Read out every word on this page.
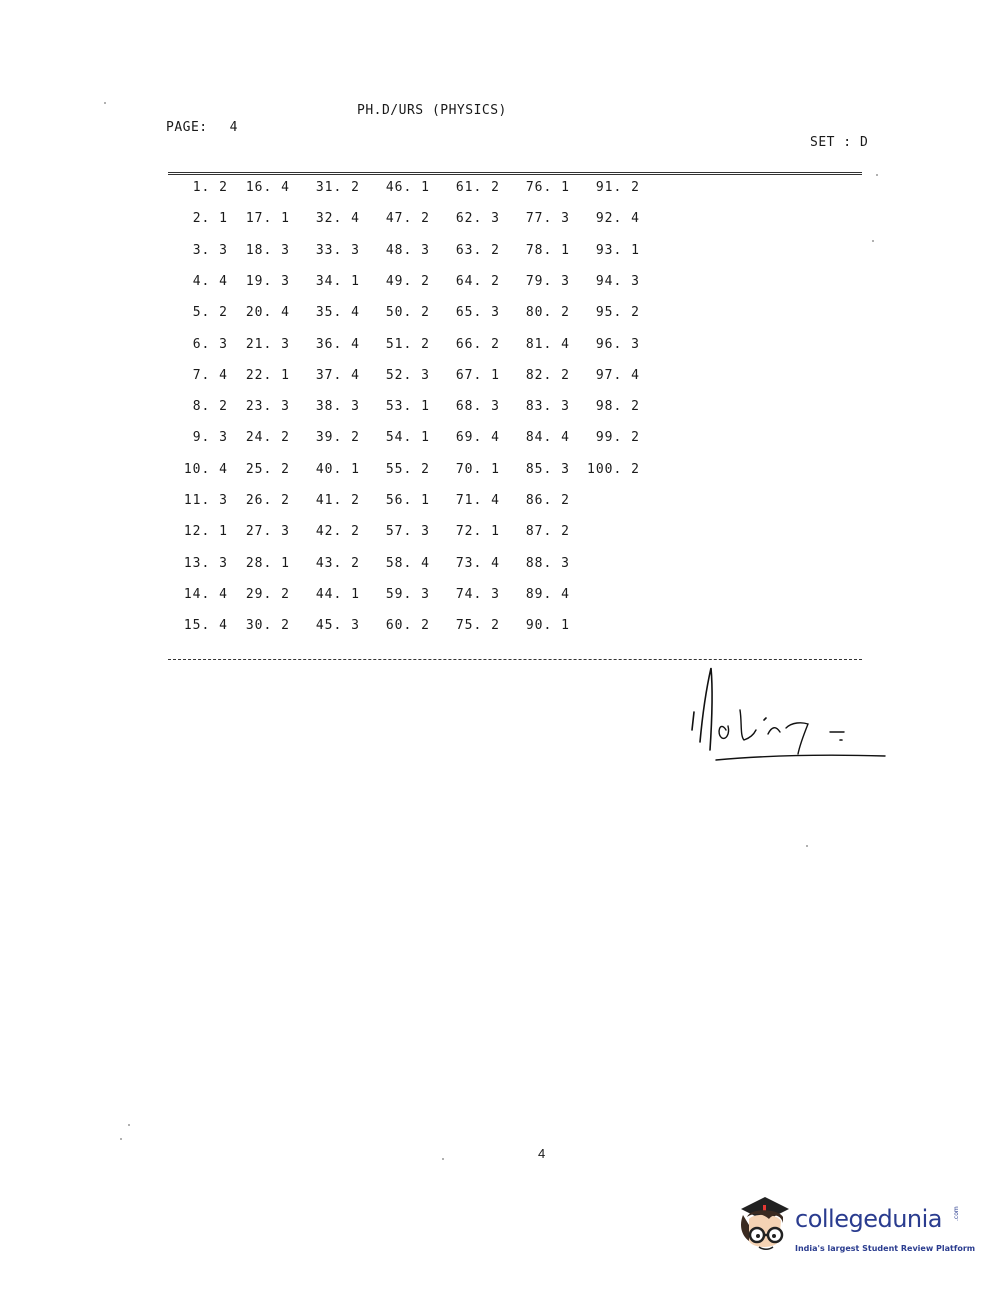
PH.D/URS (PHYSICS)
PAGE: 4
SET : D
1. 2	16. 4	31. 2	46. 1	61. 2	76. 1	91. 2
2. 1	17. 1	32. 4	47. 2	62. 3	77. 3	92. 4
3. 3	18. 3	33. 3	48. 3	63. 2	78. 1	93. 1
4. 4	19. 3	34. 1	49. 2	64. 2	79. 3	94. 3
5. 2	20. 4	35. 4	50. 2	65. 3	80. 2	95. 2
6. 3	21. 3	36. 4	51. 2	66. 2	81. 4	96. 3
7. 4	22. 1	37. 4	52. 3	67. 1	82. 2	97. 4
8. 2	23. 3	38. 3	53. 1	68. 3	83. 3	98. 2
9. 3	24. 2	39. 2	54. 1	69. 4	84. 4	99. 2
10. 4	25. 2	40. 1	55. 2	70. 1	85. 3	100. 2
11. 3	26. 2	41. 2	56. 1	71. 4	86. 2
12. 1	27. 3	42. 2	57. 3	72. 1	87. 2
13. 3	28. 1	43. 2	58. 4	73. 4	88. 3
14. 4	29. 2	44. 1	59. 3	74. 3	89. 4
15. 4	30. 2	45. 3	60. 2	75. 2	90. 1
4
collegedunia .com
India's largest Student Review Platform
